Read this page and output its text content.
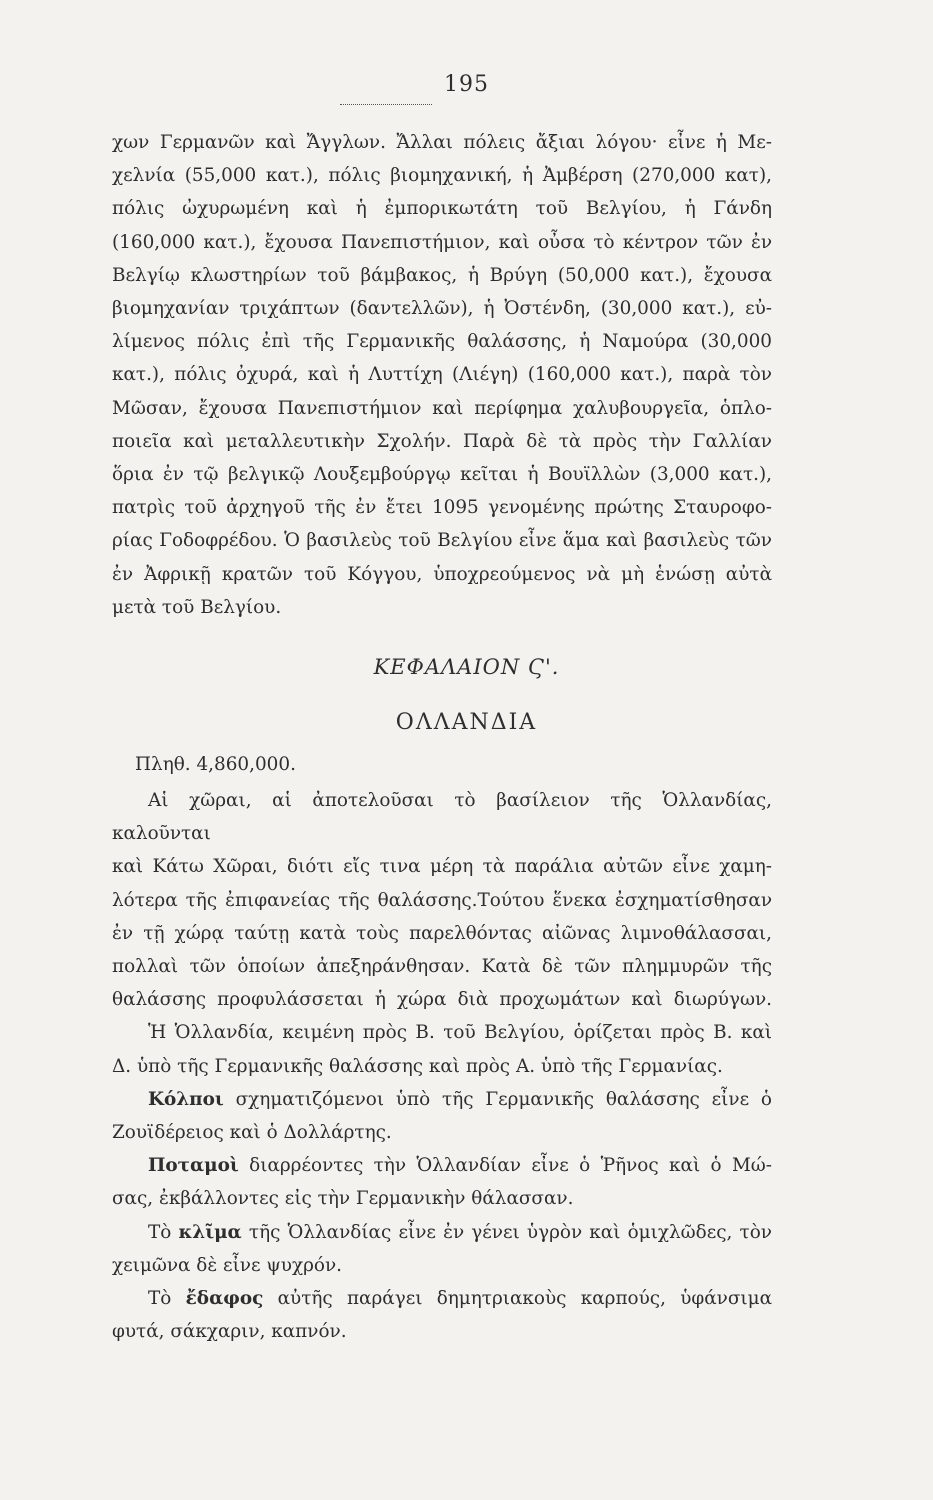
195

χων Γερμανῶν καὶ Ἄγγλων. Ἄλλαι πόλεις ἄξιαι λόγου· εἶνε ἡ Με-

χελνία (55,000 κατ.), πόλις βιομηχανική, ἡ Ἀμβέρση (270,000 κατ),

πόλις ὠχυρωμένη καὶ ἡ ἐμπορικωτάτη τοῦ Βελγίου, ἡ Γάνδη

(160,000 κατ.), ἔχουσα Πανεπιστήμιον, καὶ οὖσα τὸ κέντρον τῶν ἐν

Βελγίῳ κλωστηρίων τοῦ βάμβακος, ἡ Βρύγη (50,000 κατ.), ἔχουσα

βιομηχανίαν τριχάπτων (δαντελλῶν), ἡ Ὀστένδη, (30,000 κατ.), εὐ-

λίμενος πόλις ἐπὶ τῆς Γερμανικῆς θαλάσσης, ἡ Ναμούρα (30,000

κατ.), πόλις ὀχυρά, καὶ ἡ Λυττίχη (Λιέγη) (160,000 κατ.), παρὰ τὸν

Μῶσαν, ἔχουσα Πανεπιστήμιον καὶ περίφημα χαλυβουργεῖα, ὁπλο-

ποιεῖα καὶ μεταλλευτικὴν Σχολήν. Παρὰ δὲ τὰ πρὸς τὴν Γαλλίαν

ὅρια ἐν τῷ βελγικῷ Λουξεμβούργῳ κεῖται ἡ Βουϊλλὼν (3,000 κατ.),

πατρὶς τοῦ ἀρχηγοῦ τῆς ἐν ἔτει 1095 γενομένης πρώτης Σταυροφο-

ρίας Γοδοφρέδου. Ὁ βασιλεὺς τοῦ Βελγίου εἶνε ἅμα καὶ βασιλεὺς τῶν

ἐν Ἀφρικῇ κρατῶν τοῦ Κόγγου, ὑποχρεούμενος νὰ μὴ ἑνώσῃ αὐτὰ

μετὰ τοῦ Βελγίου.

ΚΕΦΑΛΑΙΟΝ Ϛ'.
ΟΛΛΑΝΔΙΑ
Πληθ. 4,860,000.

Αἱ χῶραι, αἱ ἀποτελοῦσαι τὸ βασίλειον τῆς Ὁλλανδίας, καλοῦνται

καὶ Κάτω Χῶραι, διότι εἴς τινα μέρη τὰ παράλια αὐτῶν εἶνε χαμη-

λότερα τῆς ἐπιφανείας τῆς θαλάσσης.Τούτου ἕνεκα ἐσχηματίσθησαν

ἐν τῇ χώρᾳ ταύτῃ κατὰ τοὺς παρελθόντας αἰῶνας λιμνοθάλασσαι,

πολλαὶ τῶν ὁποίων ἀπεξηράνθησαν. Κατὰ δὲ τῶν πλημμυρῶν τῆς

θαλάσσης προφυλάσσεται ἡ χώρα διὰ προχωμάτων καὶ διωρύγων.

Ἡ Ὁλλανδία, κειμένη πρὸς Β. τοῦ Βελγίου, ὁρίζεται πρὸς Β. καὶ

Δ. ὑπὸ τῆς Γερμανικῆς θαλάσσης καὶ πρὸς Α. ὑπὸ τῆς Γερμανίας.

Κόλποι σχηματιζόμενοι ὑπὸ τῆς Γερμανικῆς θαλάσσης εἶνε ὁ

Ζουϊδέρειος καὶ ὁ Δολλάρτης.

Ποταμοὶ διαρρέοντες τὴν Ὁλλανδίαν εἶνε ὁ Ῥῆνος καὶ ὁ Μώ-

σας, ἐκβάλλοντες εἰς τὴν Γερμανικὴν θάλασσαν.

Τὸ κλῖμα τῆς Ὁλλανδίας εἶνε ἐν γένει ὑγρὸν καὶ ὁμιχλῶδες, τὸν

χειμῶνα δὲ εἶνε ψυχρόν.

Τὸ ἔδαφος αὐτῆς παράγει δημητριακοὺς καρπούς, ὑφάνσιμα

φυτά, σάκχαριν, καπνόν.
